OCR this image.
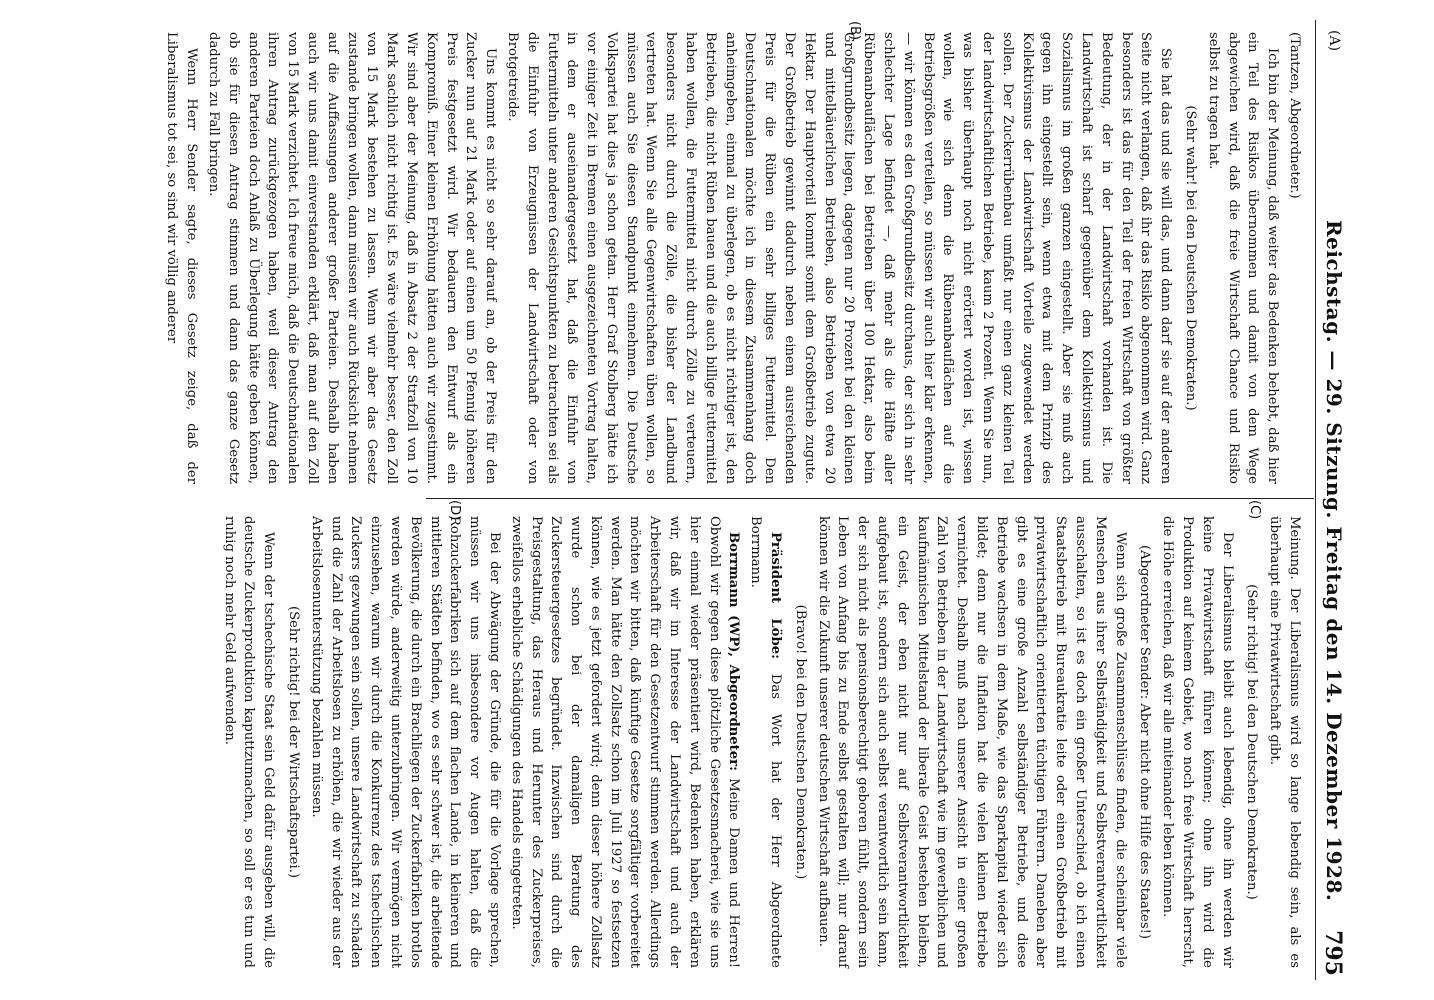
(A)
Reichstag. — 29. Sitzung. Freitag den 14. Dezember 1928.
795
(C)
(B)
(D)

(Tantzen, Abgeordneter.)

Ich bin der Meinung, daß weiter das Bedenken behebt, daß hier ein Teil des Risikos übernommen und damit von dem Wege abgewichen wird, daß die freie Wirtschaft Chance und Risiko selbst zu tragen hat.

(Sehr wahr! bei den Deutschen Demokraten.)

Sie hat das und sie will das, und dann darf sie auf der anderen Seite nicht verlangen, daß ihr das Risiko abgenommen wird. Ganz besonders ist das für den Teil der freien Wirtschaft von größter Bedeutung, der in der Landwirtschaft vorhanden ist. Die Landwirtschaft ist scharf gegenüber dem Kollektivismus und Sozialismus im großen ganzen eingestellt. Aber sie muß auch gegen ihn eingestellt sein, wenn etwa mit dem Prinzip des Kollektivismus der Landwirtschaft Vorteile zugewendet werden sollen. Der Zuckerrübenbau umfaßt nur einen ganz kleinen Teil der landwirtschaftlichen Betriebe, kaum 2 Prozent. Wenn Sie nun, was bisher überhaupt noch nicht erörtert worden ist, wissen wollen, wie sich denn die Rübenanbauflächen auf die Betriebsgrößen verteilen, so müssen wir auch hier klar erkennen, — wir können es den Großgrundbesitz durchaus, der sich in sehr schlechter Lage befindet —, daß mehr als die Hälfte aller Rübenanbauflächen bei Betrieben über 100 Hektar, also beim Großgrundbesitz liegen, dagegen nur 20 Prozent bei den kleinen und mittelbäuerlichen Betrieben, also Betrieben von etwa 20 Hektar. Der Hauptvorteil kommt somit dem Großbetrieb zugute. Der Großbetrieb gewinnt dadurch neben einem ausreichenden Preis für die Rüben ein sehr billiges Futtermittel. Den Deutschnationalen möchte ich in diesem Zusammenhang doch anheimgeben, einmal zu überlegen, ob es nicht richtiger ist, den Betrieben, die nicht Rüben bauen und die auch billige Futtermittel haben wollen, die Futtermittel nicht durch Zölle zu verteuern, besonders nicht durch die Zölle, die bisher der Landbund vertreten hat. Wenn Sie alle Gegenwirtschaften üben wollen, so müssen auch Sie diesen Standpunkt einnehmen. Die Deutsche Volkspartei hat dies ja schon getan. Herr Graf Stolberg hätte ich vor einiger Zeit in Bremen einen ausgezeichneten Vortrag halten, in dem er auseinandergesetzt hat, daß die Einfuhr von Futtermitteln unter anderen Gesichtspunkten zu betrachten sei als die Einfuhr von Erzeugnissen der Landwirtschaft oder von Brotgetreide.

Uns kommt es nicht so sehr darauf an, ob der Preis für den Zucker nun auf 21 Mark oder auf einen um 50 Pfennig höheren Preis festgesetzt wird. Wir bedauern den Entwurf als ein Kompromiß. Einer kleinen Erhöhung hätten auch wir zugestimmt. Wir sind aber der Meinung, daß in Absatz 2 der Strafzoll von 10 Mark sachlich nicht richtig ist. Es wäre vielmehr besser, den Zoll von 15 Mark bestehen zu lassen. Wenn wir aber das Gesetz zustande bringen wollen, dann müssen wir auch Rücksicht nehmen auf die Auffassungen anderer großer Parteien. Deshalb haben auch wir uns damit einverstanden erklärt, daß man auf den Zoll von 15 Mark verzichtet. Ich freue mich, daß die Deutschnationalen ihren Antrag zurückgezogen haben, weil dieser Antrag den anderen Parteien doch Anlaß zu Überlegung hätte geben können, ob sie für diesen Antrag stimmen und dann das ganze Gesetz dadurch zu Fall bringen.

Wenn Herr Sender sagte, dieses Gesetz zeige, daß der Liberalismus tot sei, so sind wir völlig anderer

Meinung. Der Liberalismus wird so lange lebendig sein, als es überhaupt eine Privatwirtschaft gibt.

(Sehr richtig! bei den Deutschen Demokraten.)

Der Liberalismus bleibt auch lebendig, ohne ihn werden wir keine Privatwirtschaft führen können; ohne ihn wird die Produktion auf keinem Gebiet, wo noch freie Wirtschaft herrscht, die Höhe erreichen, daß wir alle miteinander leben können.

(Abgeordneter Sender: Aber nicht ohne Hilfe des Staates!)

Wenn sich große Zusammenschlüsse finden, die scheinbar viele Menschen aus ihrer Selbständigkeit und Selbstverantwortlichkeit ausschalten, so ist es doch ein großer Unterschied, ob ich einen Staatsbetrieb mit Bureaukratie leite oder einen Großbetrieb mit privatwirtschaftlich orientierten tüchtigen Führern. Daneben aber gibt es eine große Anzahl selbständiger Betriebe, und diese Betriebe wachsen in dem Maße, wie das Sparkapital wieder sich bildet; denn nur die Inflation hat die vielen kleinen Betriebe vernichtet. Deshalb muß nach unserer Ansicht in einer großen Zahl von Betrieben in der Landwirtschaft wie im gewerblichen und kaufmännischen Mittelstand der liberale Geist bestehen bleiben, ein Geist, der eben nicht nur auf Selbstverantwortlichkeit aufgebaut ist, sondern sich auch selbst verantwortlich sein kann, der sich nicht als pensionsberechtigt geboren fühlt, sondern sein Leben von Anfang bis zu Ende selbst gestalten will; nur darauf können wir die Zukunft unserer deutschen Wirtschaft aufbauen.

(Bravo! bei den Deutschen Demokraten.)

Präsident Löbe: Das Wort hat der Herr Abgeordnete Borrmann.

Borrmann (WP), Abgeordneter: Meine Damen und Herren! Obwohl wir gegen diese plötzliche Gesetzesmacherei, wie sie uns hier einmal wieder präsentiert wird, Bedenken haben, erklären wir, daß wir im Interesse der Landwirtschaft und auch der Arbeiterschaft für den Gesetzentwurf stimmen werden. Allerdings möchten wir bitten, daß künftige Gesetze sorgfältiger vorbereitet werden. Man hätte den Zollsatz schon im Juli 1927 so festsetzen können, wie es jetzt gefordert wird; denn dieser höhere Zollsatz wurde schon bei der damaligen Beratung des Zuckersteuergesetzes begründet. Inzwischen sind durch die Preisgestaltung, das Heraus und Herunter des Zuckerpreises, zweifellos erhebliche Schädigungen des Handels eingetreten.

Bei der Abwägung der Gründe, die für die Vorlage sprechen, müssen wir uns insbesondere vor Augen halten, daß die Rohzuckerfabriken sich auf dem flachen Lande, in kleineren und mittleren Städten befinden, wo es sehr schwer ist, die arbeitende Bevölkerung, die durch ein Brachliegen der Zuckerfabriken brotlos werden würde, anderweitig unterzubringen. Wir vermögen nicht einzusehen, warum wir durch die Konkurrenz des tschechischen Zuckers gezwungen sein sollen, unsere Landwirtschaft zu schaden und die Zahl der Arbeitslosen zu erhöhen, die wir wieder aus der Arbeitslosenunterstützung bezahlen müssen.

(Sehr richtig! bei der Wirtschaftspartei.)

Wenn der tschechische Staat sein Geld dafür ausgeben will, die deutsche Zuckerproduktion kaputtzumachen, so soll er es tun und ruhig noch mehr Geld aufwenden.
